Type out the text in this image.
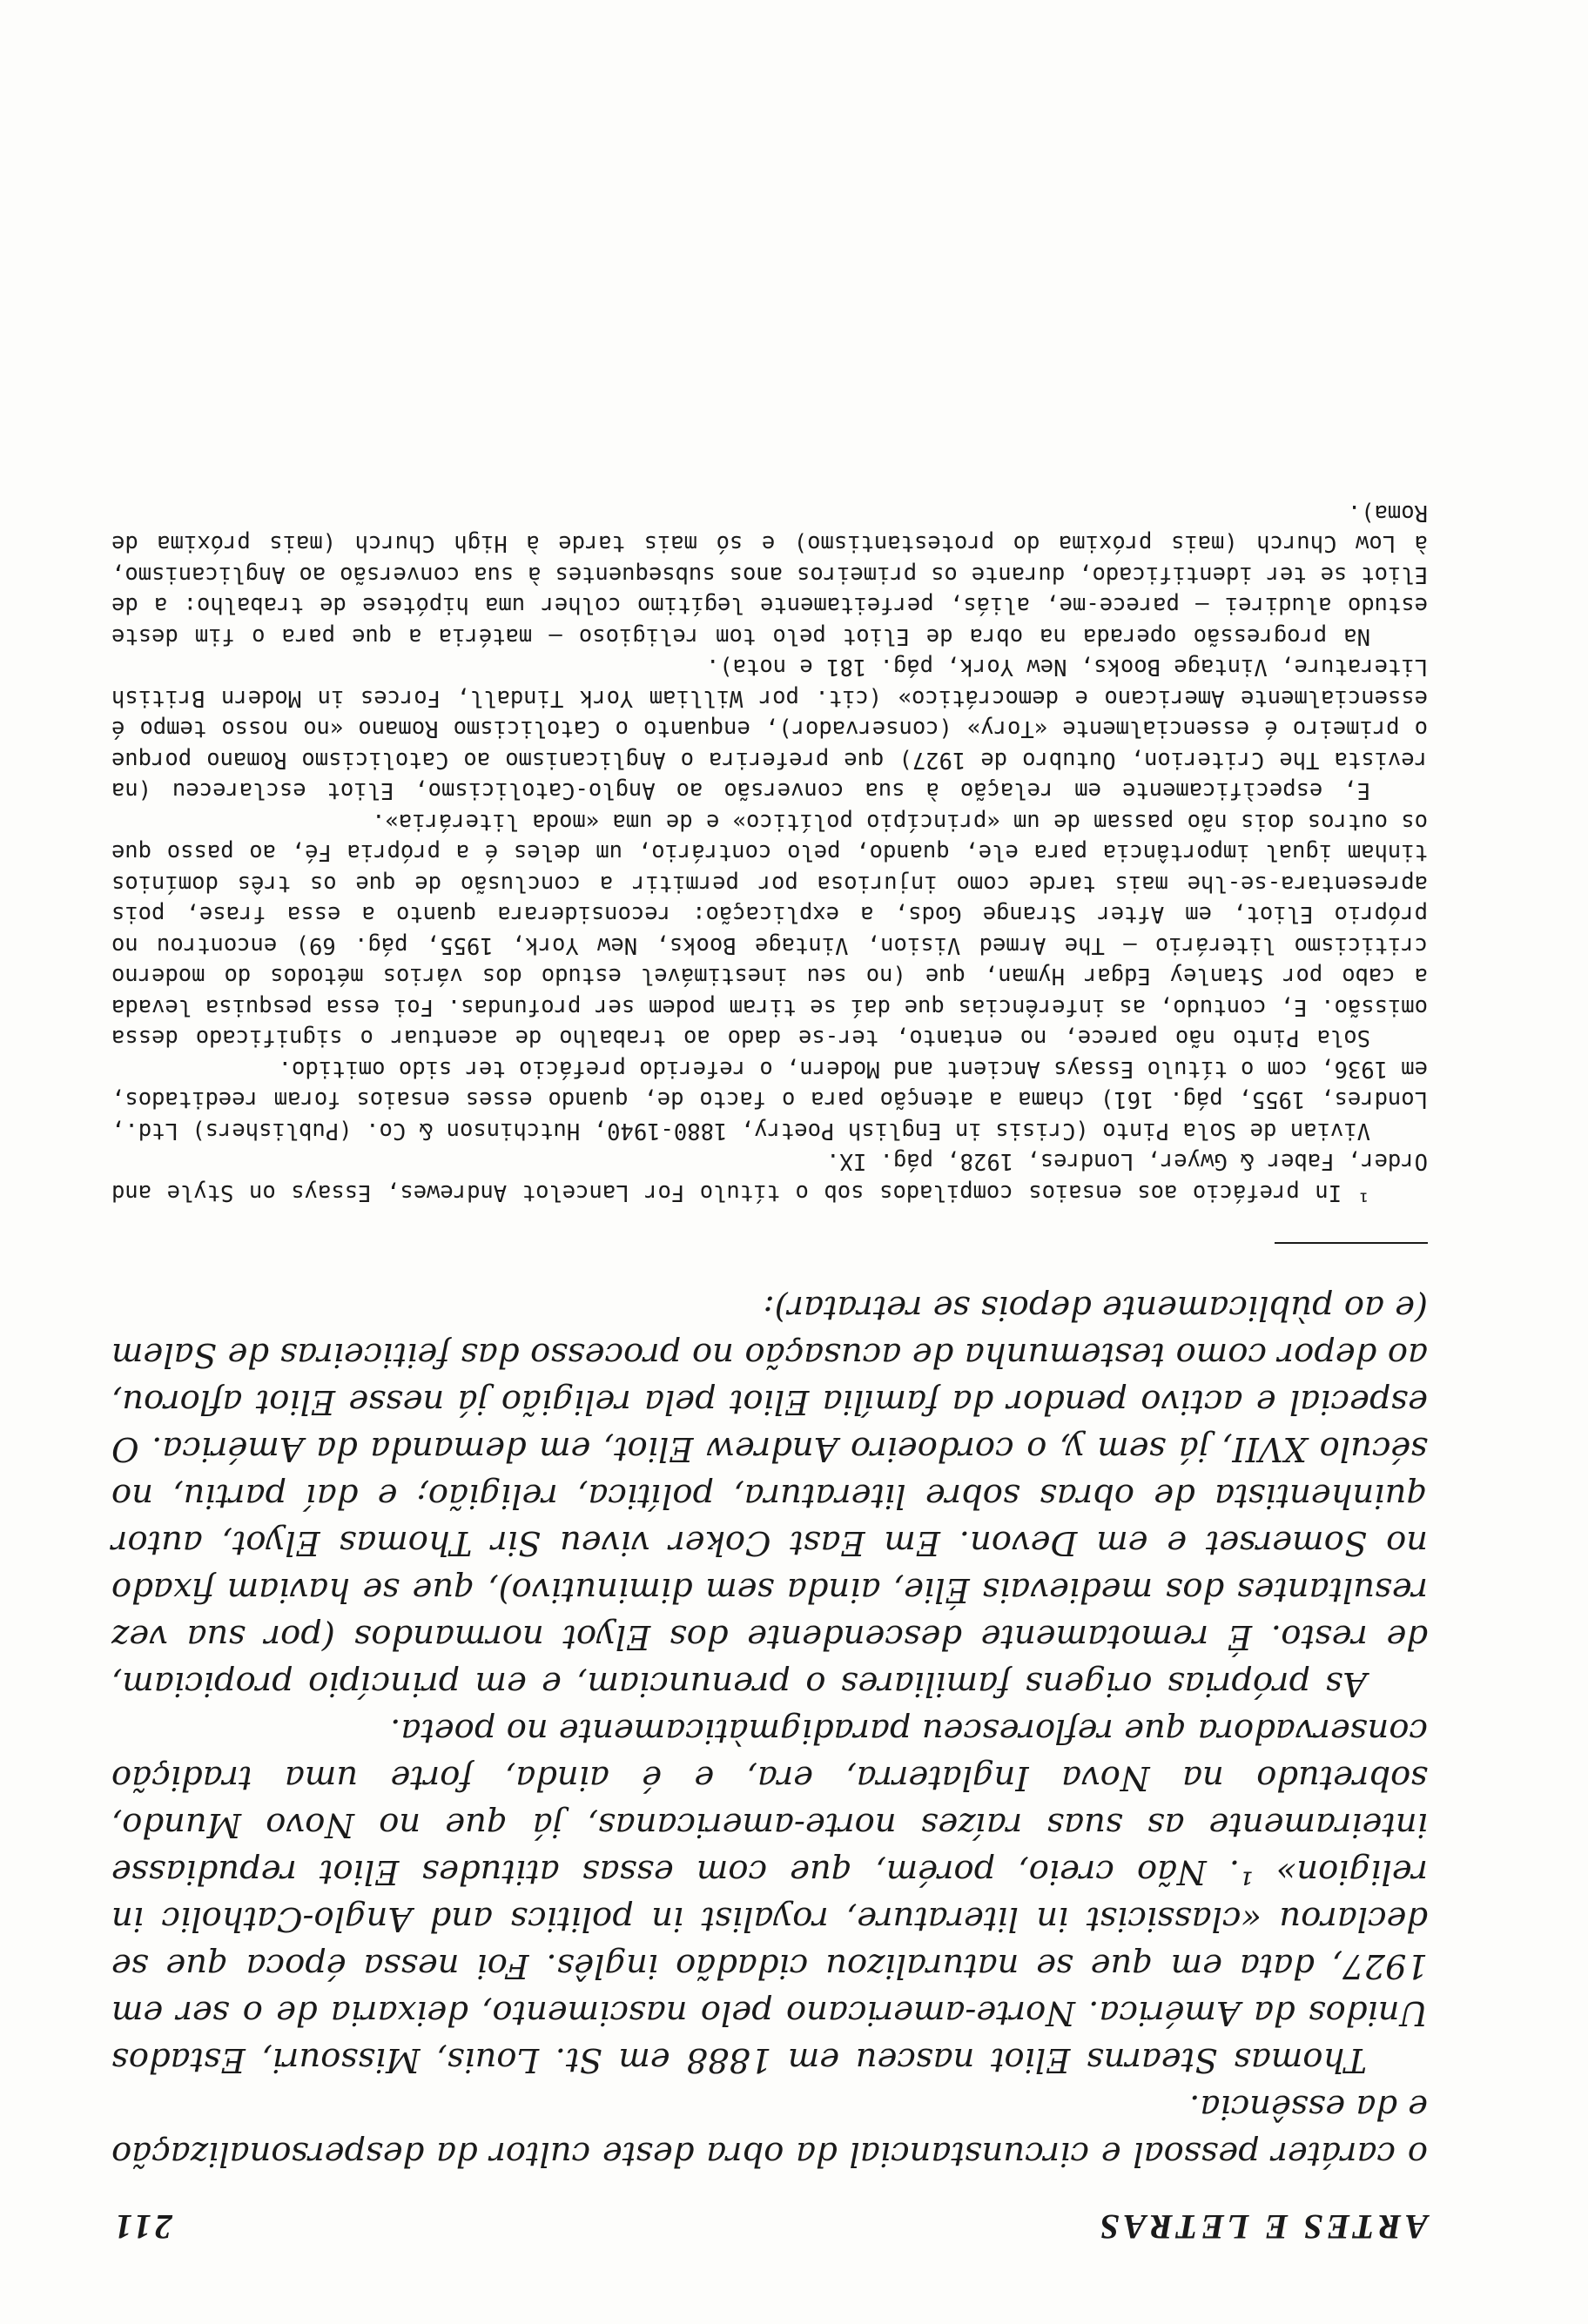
ARTES E LETRAS
211

o caráter pessoal e circunstancial da obra deste cultor da despersonalização e da essência.

Thomas Stearns Eliot nasceu em 1888 em St. Louis, Missouri, Estados Unidos da América. Norte-americano pelo nascimento, deixaria de o ser em 1927, data em que se naturalizou cidadão inglês. Foi nessa época que se declarou «classicist in literature, royalist in politics and Anglo-Catholic in religion» ¹. Não creio, porém, que com essas atitudes Eliot repudiasse inteiramente as suas raízes norte-americanas, já que no Novo Mundo, sobretudo na Nova Inglaterra, era, e é ainda, forte uma tradição conservadora que refloresceu paradigmàticamente no poeta.

As próprias origens familiares o prenunciam, e em princípio propiciam, de resto. É remotamente descendente dos Elyot normandos (por sua vez resultantes dos medievais Élie, ainda sem diminutivo), que se haviam fixado no Somerset e em Devon. Em East Coker viveu Sir Thomas Elyot, autor quinhentista de obras sobre literatura, política, religião; e daí partiu, no século XVII, já sem y, o cordoeiro Andrew Eliot, em demanda da América. O especial e activo pendor da família Eliot pela religião já nesse Eliot aflorou, ao depor como testemunha de acusação no processo das feiticeiras de Salem (e ao pùblicamente depois se retratar):

¹ In prefácio aos ensaios compilados sob o título For Lancelot Andrewes, Essays on Style and Order, Faber & Gwyer, Londres, 1928, pág. IX.

Vivian de Sola Pinto (Crisis in English Poetry, 1880-1940, Hutchinson & Co. (Publishers) Ltd., Londres, 1955, pág. 161) chama a atenção para o facto de, quando esses ensaios foram reeditados, em 1936, com o título Essays Ancient and Modern, o referido prefácio ter sido omitido.

Sola Pinto não parece, no entanto, ter-se dado ao trabalho de acentuar o significado dessa omissão. E, contudo, as inferências que daí se tiram podem ser profundas. Foi essa pesquisa levada a cabo por Stanley Edgar Hyman, que (no seu inestimável estudo dos vários métodos do moderno criticismo literário — The Armed Vision, Vintage Books, New York, 1955, pág. 69) encontrou no próprio Eliot, em After Strange Gods, a explicação: reconsiderara quanto a essa frase, pois apresentara-se-lhe mais tarde como injuriosa por permitir a conclusão de que os três domínios tinham igual importância para ele, quando, pelo contrário, um deles é a própria Fé, ao passo que os outros dois não passam de um «princípio político» e de uma «moda literária».

E, especìficamente em relação à sua conversão ao Anglo-Catolicismo, Eliot esclareceu (na revista The Criterion, Outubro de 1927) que preferira o Anglicanismo ao Catolicismo Romano porque o primeiro é essencialmente «Tory» (conservador), enquanto o Catolicismo Romano «no nosso tempo é essencialmente Americano e democrático» (cit. por William York Tindall, Forces in Modern British Literature, Vintage Books, New York, pág. 181 e nota).

Na progressão operada na obra de Eliot pelo tom religioso — matéria a que para o fim deste estudo aludirei — parece-me, aliás, perfeitamente legítimo colher uma hipótese de trabalho: a de Eliot se ter identificado, durante os primeiros anos subsequentes à sua conversão ao Anglicanismo, à Low Church (mais próxima do protestantismo) e só mais tarde à High Church (mais próxima de Roma).
